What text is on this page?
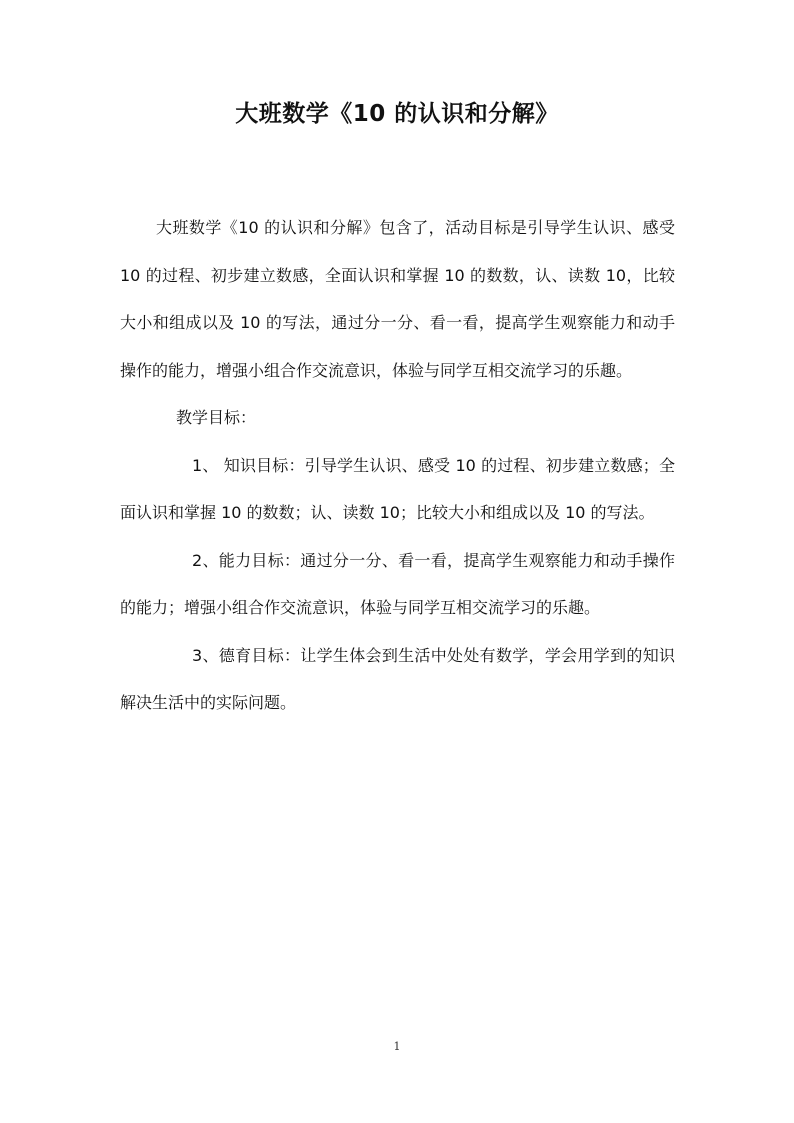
大班数学《10 的认识和分解》

大班数学《10 的认识和分解》包含了，活动目标是引导学生认识、感受 10 的过程、初步建立数感，全面认识和掌握 10 的数数，认、读数 10，比较大小和组成以及 10 的写法，通过分一分、看一看，提高学生观察能力和动手操作的能力，增强小组合作交流意识，体验与同学互相交流学习的乐趣。

教学目标：

1、 知识目标：引导学生认识、感受 10 的过程、初步建立数感；全面认识和掌握 10 的数数；认、读数 10；比较大小和组成以及 10 的写法。

2、能力目标：通过分一分、看一看，提高学生观察能力和动手操作的能力；增强小组合作交流意识，体验与同学互相交流学习的乐趣。

3、德育目标：让学生体会到生活中处处有数学，学会用学到的知识解决生活中的实际问题。

1
